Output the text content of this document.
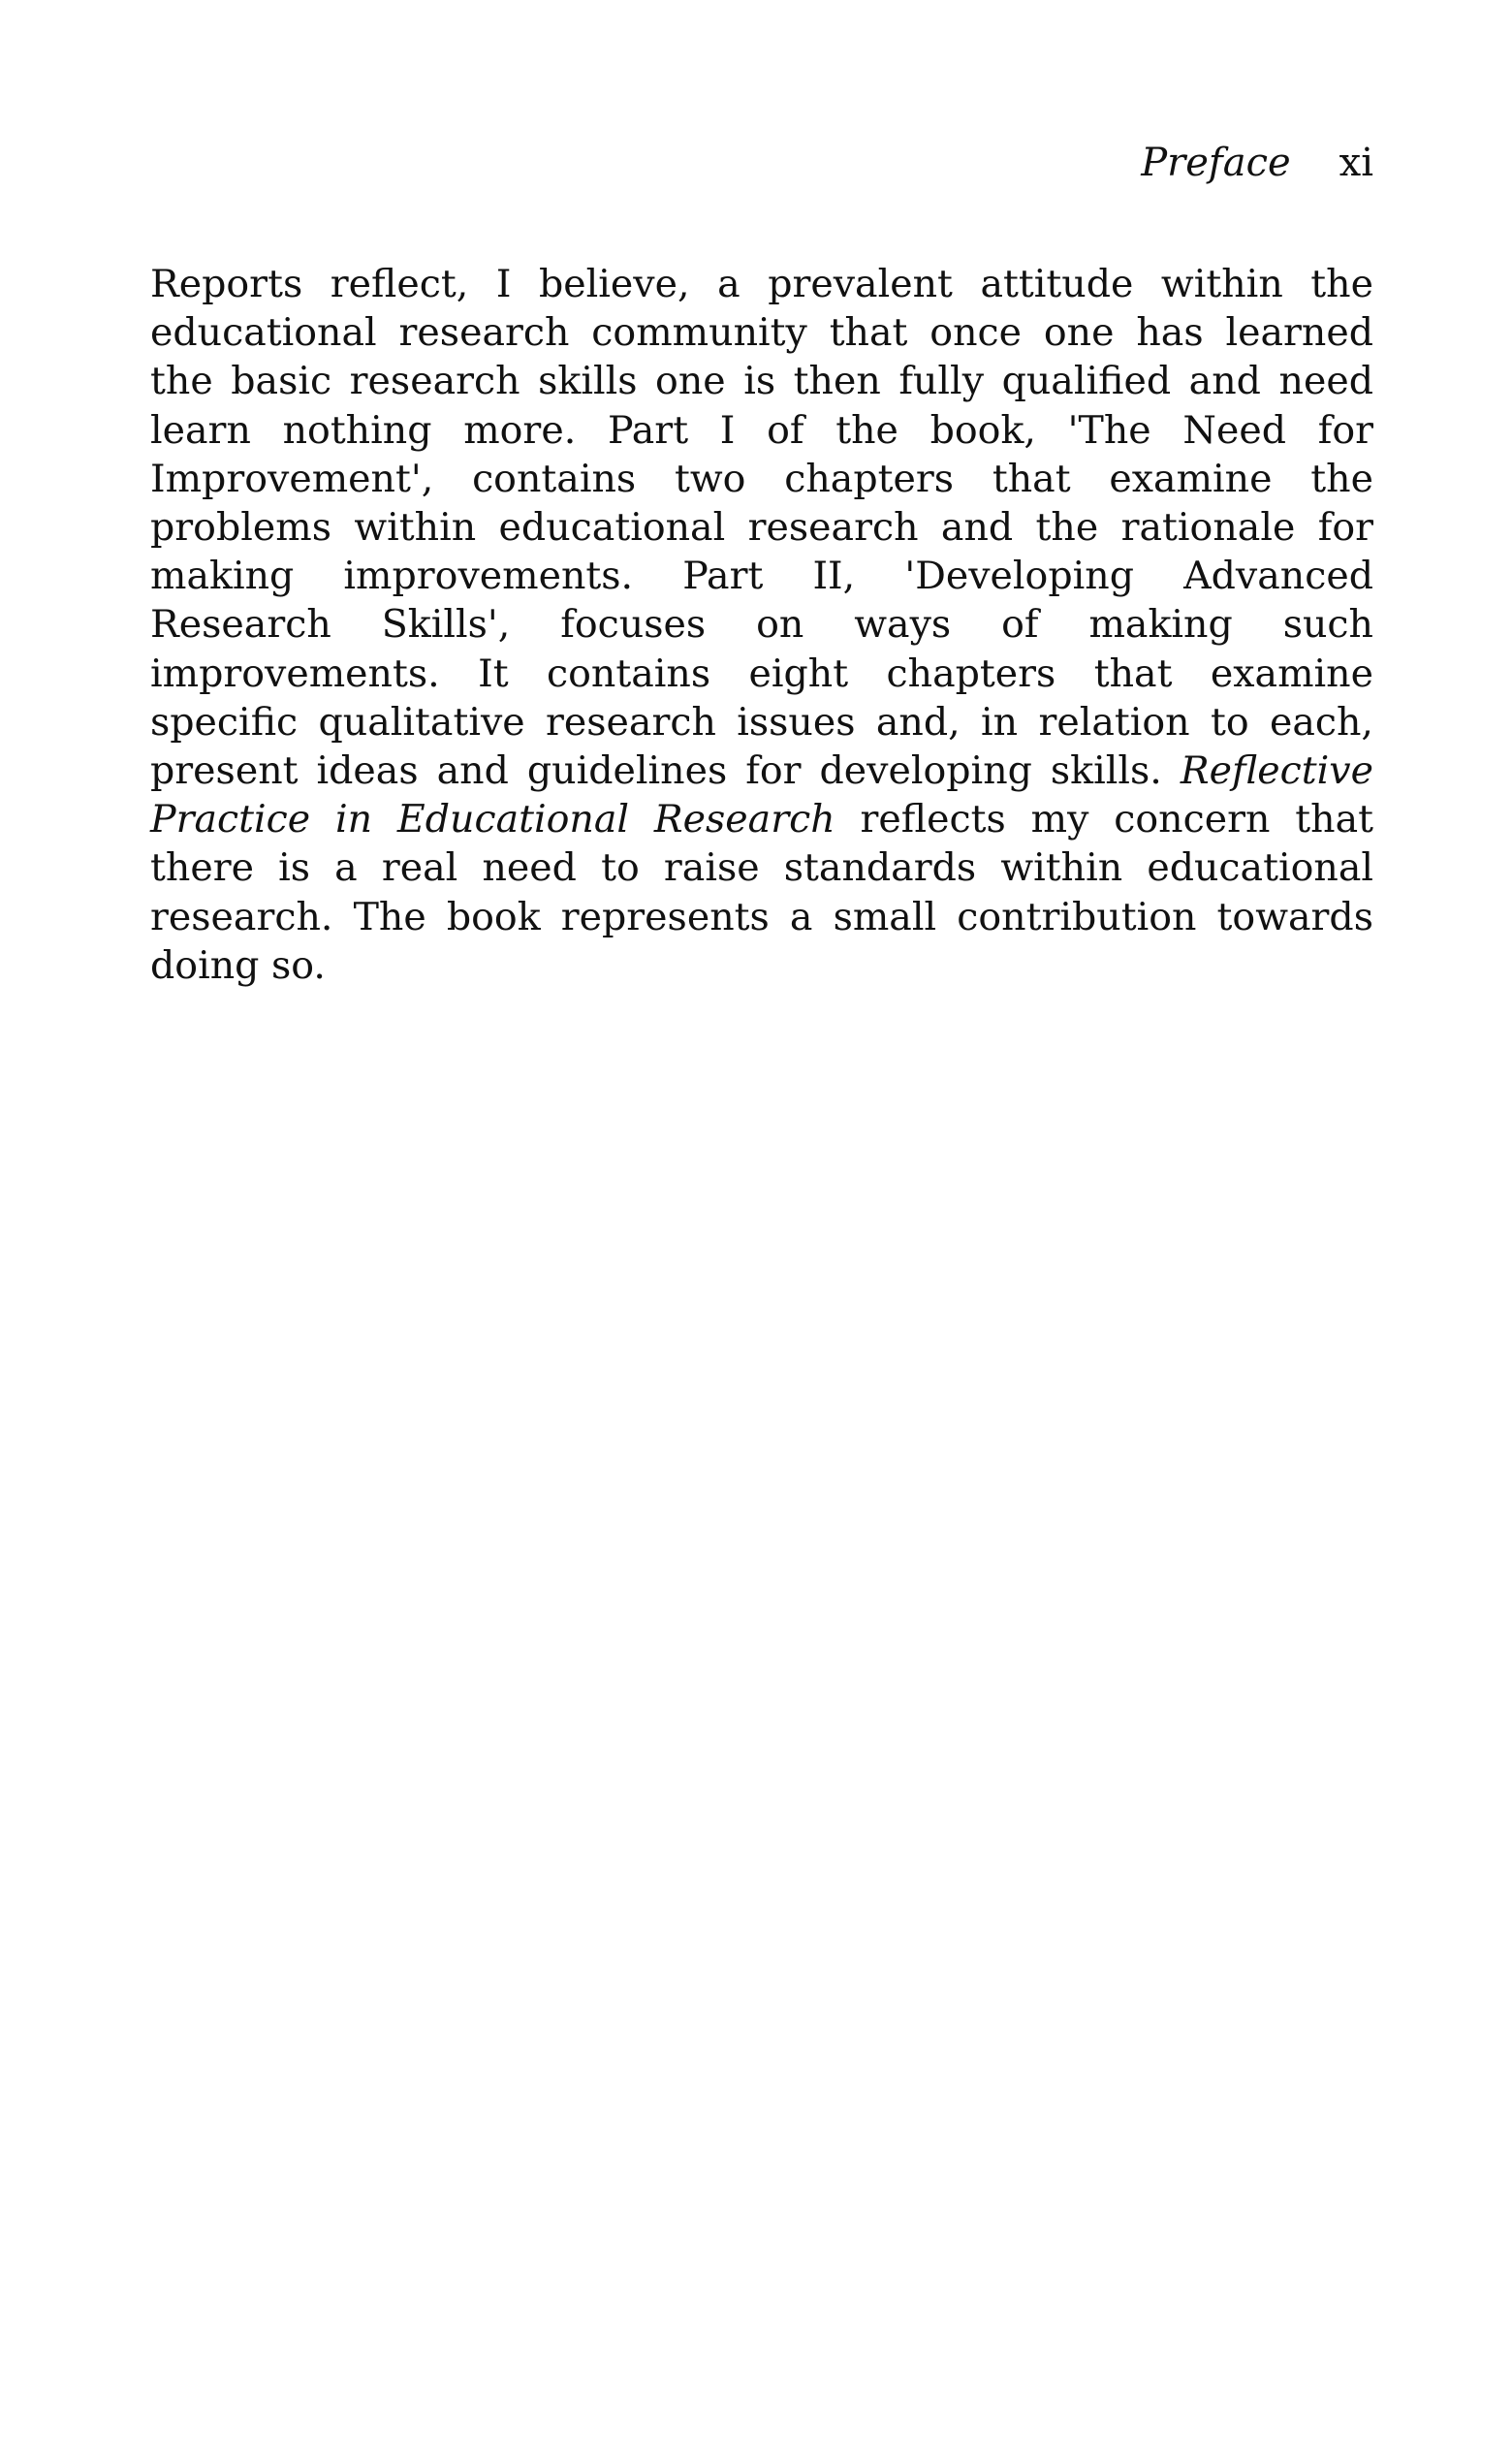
Preface xi

Reports reflect, I believe, a prevalent attitude within the educational research community that once one has learned the basic research skills one is then fully qualified and need learn nothing more. Part I of the book, 'The Need for Improvement', contains two chapters that examine the problems within educational research and the rationale for making improvements. Part II, 'Developing Advanced Research Skills', focuses on ways of making such improvements. It contains eight chapters that examine specific qualitative research issues and, in relation to each, present ideas and guidelines for developing skills. Reflective Practice in Educational Research reflects my concern that there is a real need to raise standards within educational research. The book represents a small contribution towards doing so.
